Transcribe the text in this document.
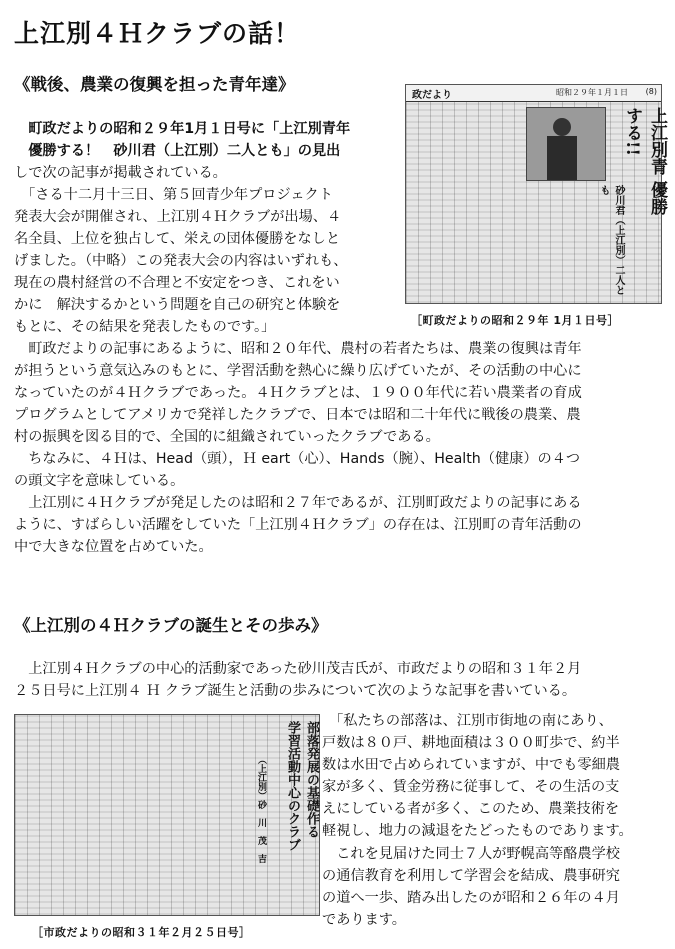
上江別４Ｈクラブの話！
《戦後、農業の復興を担った青年達》
　町政だよりの昭和２９年1月１日号に「上江別青年
　優勝する！　砂川君（上江別）二人とも」の見出
しで次の記事が掲載されている。
　「さる十二月十三日、第５回青少年プロジェクト
発表大会が開催され、上江別４Ｈクラブが出場、４
名全員、上位を独占して、栄えの団体優勝をなしと
げました。（中略）この発表大会の内容はいずれも、
現在の農村経営の不合理と不安定をつき、これをい
かに　解決するかという問題を自己の研究と体験を
もとに、その結果を発表したものです。」
　町政だよりの記事にあるように、昭和２０年代、農村の若者たちは、農業の復興は青年
が担うという意気込みのもとに、学習活動を熱心に繰り広げていたが、その活動の中心に
なっていたのが４Ｈクラブであった。４Ｈクラブとは、１９００年代に若い農業者の育成
プログラムとしてアメリカで発祥したクラブで、日本では昭和二十年代に戦後の農業、農
村の振興を図る目的で、全国的に組織されていったクラブである。
　ちなみに、４Ｈは、Head（頭），Ｈ eart（心）、Hands（腕）、Health（健康）の４つ
の頭文字を意味している。
　上江別に４Ｈクラブが発足したのは昭和２７年であるが、江別町政だよりの記事にある
ように、すばらしい活躍をしていた「上江別４Ｈクラブ」の存在は、江別町の青年活動の
中で大きな位置を占めていた。
政だより	昭和２９年１月１日 (8)
上江別青 優勝する!!
砂川君（上江別）二人とも
［町政だよりの昭和２９年 1月１日号］
《上江別の４Ｈクラブの誕生とその歩み》
　上江別４Ｈクラブの中心的活動家であった砂川茂吉氏が、市政だよりの昭和３１年２月
２５日号に上江別４ Ｈ クラブ誕生と活動の歩みについて次のような記事を書いている。
部落発展の基礎作る 学習活動中心のクラブ
（上江別）砂　川　茂　吉
［市政だよりの昭和３１年２月２５日号］
　「私たちの部落は、江別市街地の南にあり、
戸数は８０戸、耕地面積は３００町歩で、約半
数は水田で占められていますが、中でも零細農
家が多く、賃金労務に従事して、その生活の支
えにしている者が多く、このため、農業技術を
軽視し、地力の減退をたどったものであります。
　これを見届けた同士７人が野幌高等酪農学校
の通信教育を利用して学習会を結成、農事研究
の道へ一歩、踏み出したのが昭和２６年の４月
であります。
